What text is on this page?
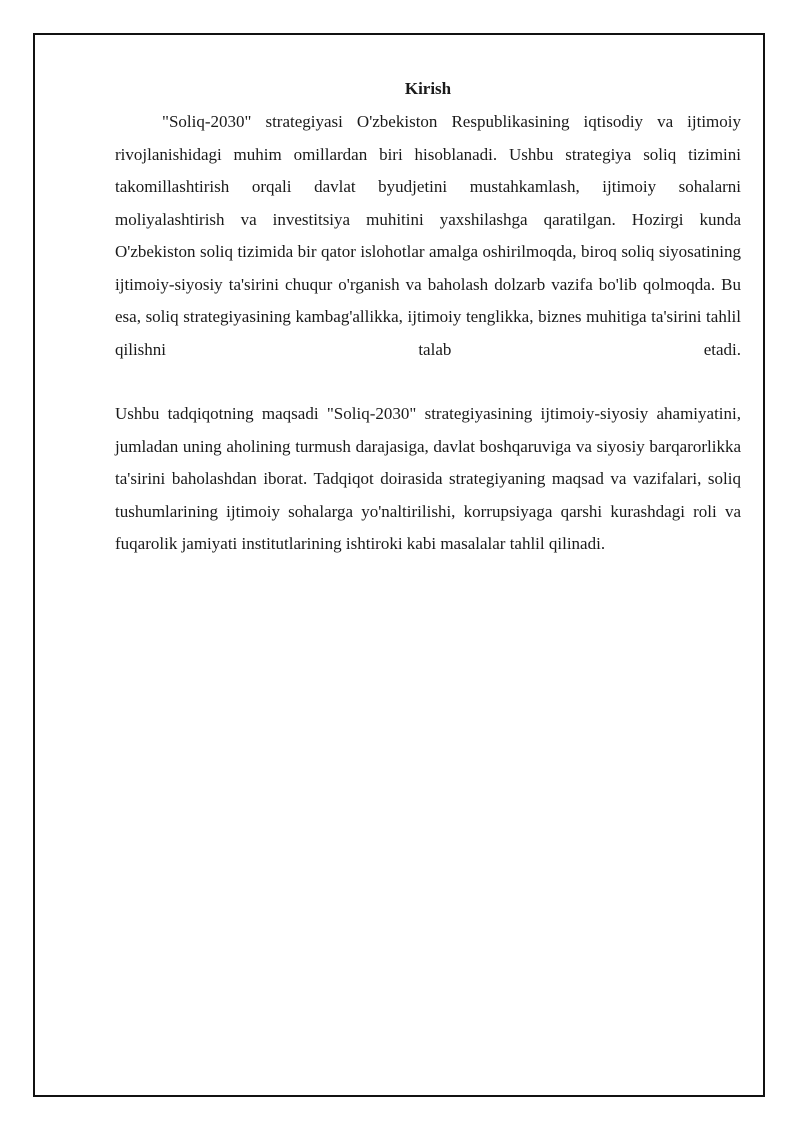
Kirish

"Soliq-2030" strategiyasi O'zbekiston Respublikasining iqtisodiy va ijtimoiy rivojlanishidagi muhim omillardan biri hisoblanadi. Ushbu strategiya soliq tizimini takomillashtirish orqali davlat byudjetini mustahkamlash, ijtimoiy sohalarni moliyalashtirish va investitsiya muhitini yaxshilashga qaratilgan. Hozirgi kunda O'zbekiston soliq tizimida bir qator islohotlar amalga oshirilmoqda, biroq soliq siyosatining ijtimoiy-siyosiy ta'sirini chuqur o'rganish va baholash dolzarb vazifa bo'lib qolmoqda. Bu esa, soliq strategiyasining kambag'allikka, ijtimoiy tenglikka, biznes muhitiga ta'sirini tahlil qilishni talab etadi.

Ushbu tadqiqotning maqsadi "Soliq-2030" strategiyasining ijtimoiy-siyosiy ahamiyatini, jumladan uning aholining turmush darajasiga, davlat boshqaruviga va siyosiy barqarorlikka ta'sirini baholashdan iborat. Tadqiqot doirasida strategiyaning maqsad va vazifalari, soliq tushumlarining ijtimoiy sohalarga yo'naltirilishi, korrupsiyaga qarshi kurashdagi roli va fuqarolik jamiyati institutlarining ishtiroki kabi masalalar tahlil qilinadi.
